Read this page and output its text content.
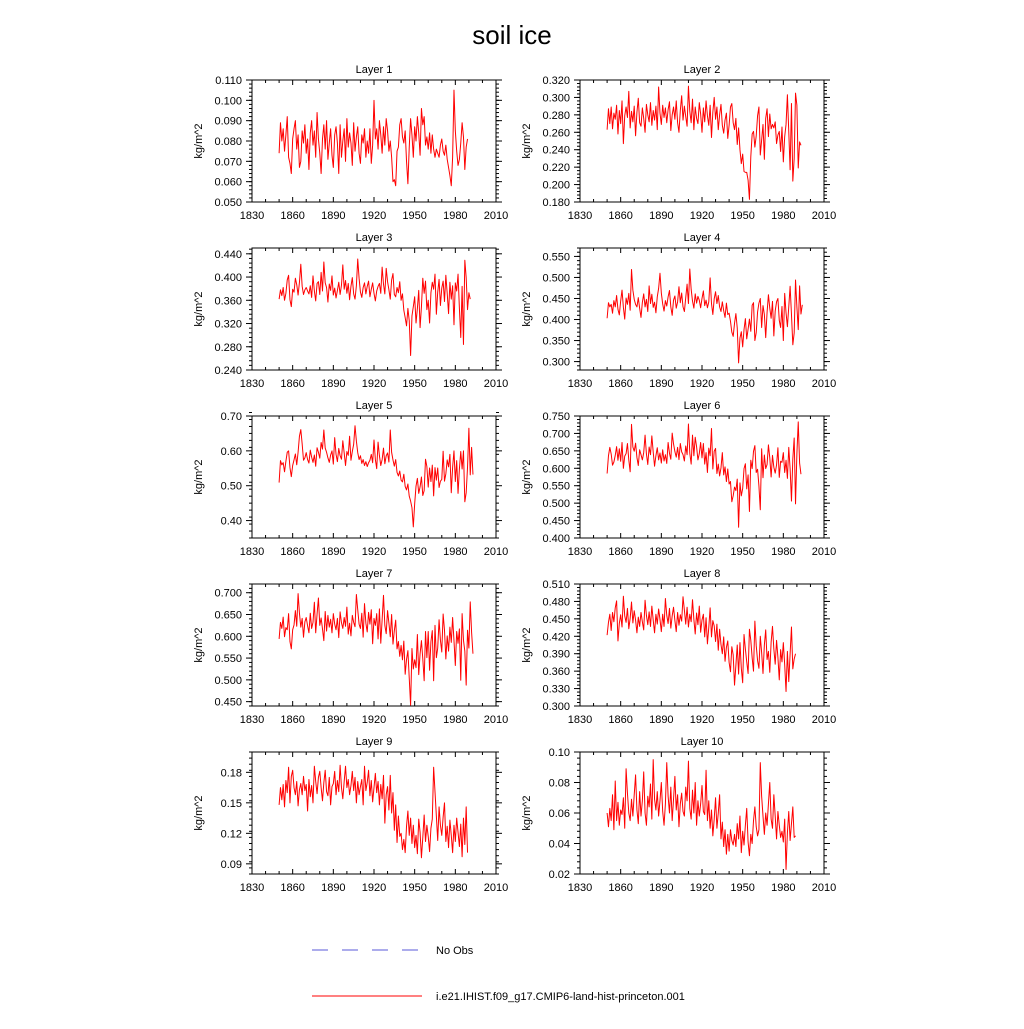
soil ice
Layer 1
1830 1860 1890 1920 1950 1980 2010
0.050
0.060
0.070
0.080
0.090
0.100
0.110
kg/m^2
Layer 2
1830 1860 1890 1920 1950 1980 2010
0.180
0.200
0.220
0.240
0.260
0.280
0.300
0.320
kg/m^2
Layer 3
1830 1860 1890 1920 1950 1980 2010
0.240
0.280
0.320
0.360
0.400
0.440
kg/m^2
Layer 4
1830 1860 1890 1920 1950 1980 2010
0.300
0.350
0.400
0.450
0.500
0.550
kg/m^2
Layer 5
1830 1860 1890 1920 1950 1980 2010
0.40
0.50
0.60
0.70
kg/m^2
Layer 6
1830 1860 1890 1920 1950 1980 2010
0.400
0.450
0.500
0.550
0.600
0.650
0.700
0.750
kg/m^2
Layer 7
1830 1860 1890 1920 1950 1980 2010
0.450
0.500
0.550
0.600
0.650
0.700
kg/m^2
Layer 8
1830 1860 1890 1920 1950 1980 2010
0.300
0.330
0.360
0.390
0.420
0.450
0.480
0.510
kg/m^2
Layer 9
1830 1860 1890 1920 1950 1980 2010
0.09
0.12
0.15
0.18
kg/m^2
Layer 10
1830 1860 1890 1920 1950 1980 2010
0.02
0.04
0.06
0.08
0.10
kg/m^2
No Obs
i.e21.IHIST.f09_g17.CMIP6-land-hist-princeton.001
